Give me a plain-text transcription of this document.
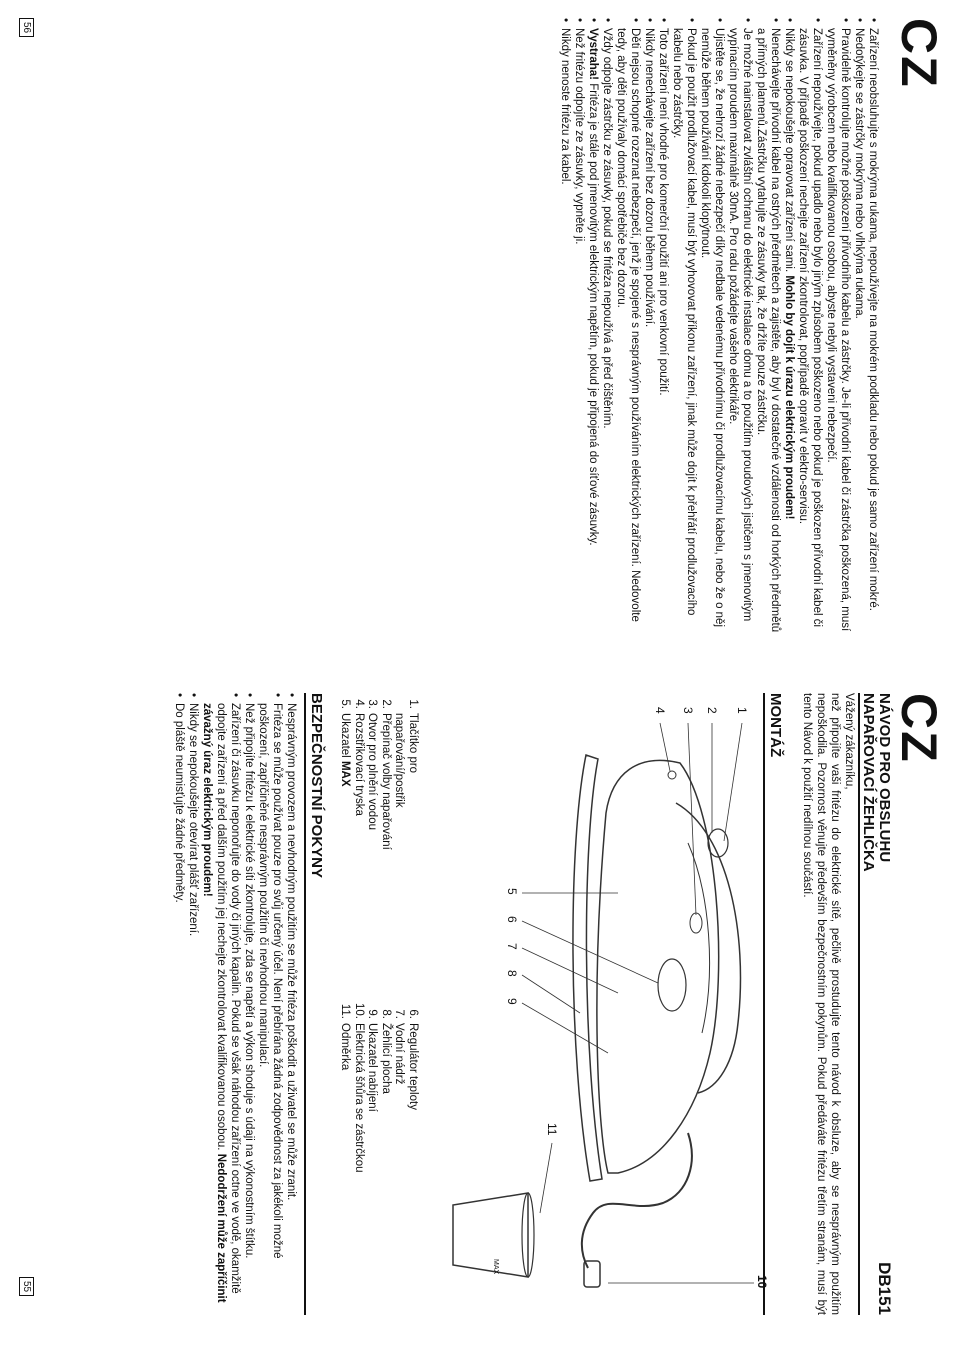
CZ
• Zařízení neobsluhujte s mokrýma rukama, nepoužívejte na mokrém podkladu nebo pokud je samo zařízení mokré.
• Nedotýkejte se zástrčky mokrýma nebo vlhkýma rukama.
• Pravidelně kontrolujte možné poškození přívodního kabelu a zástrčky. Je-li přívodní kabel či zástrčka poškozená, musí vyměněny výrobcem nebo kvalifikovanou osobou, abyste nebyli vystaveni nebezpečí.
• Zařízení nepoužívejte, pokud upadlo nebo bylo jiným způsobem poškozeno nebo pokud je poškozen přívodní kabel či zásuvka. V případě poškození nechejte zařízení zkontrolovat, popřípadě opravit v elektro-servisu.
• Nikdy se nepokoušejte opravovat zařízení sami. Mohlo by dojít k úrazu elektrickým proudem!
• Nenechávejte přívodní kabel na ostrých předmětech a zajistěte, aby byl v dostatečné vzdálenosti od horkých předmětů a přímých plamenů.Zástrčku vytahujte ze zásuvky tak, že držíte pouze zástrčku.
• Je možné nainstalovat zvláštní ochranu do elektrické instalace domu a to použitím proudových jističem s jmenovitým vypínacím proudem maximálně 30mA. Pro radu požádejte vašeho elektrikáře.
• Ujistěte se, že nehrozí žádné nebezpečí díky nedbale vedenému přívodnímu či prodlužovacímu kabelu, nebo že o něj nemůže během používání kdokoli klopýtnout.
• Pokud je použit prodlužovací kabel, musí být vyhovovat příkonu zařízení, jinak může dojít k přehřátí prodlužovacího kabelu nebo zástrčky.
• Toto zařízení není vhodné pro komerční použití ani pro venkovní použití.
• Nikdy nenechávejte zařízení bez dozoru během používání.
• Děti nejsou schopné rozeznat nebezpečí, jenž je spojené s nesprávným používáním elektrických zařízení. Nedovolte tedy, aby děti používaly domácí spotřebiče bez dozoru.
• Vždy odpojte zástrčku ze zásuvky, pokud se fritéza nepoužívá a před čištěním.
• Vystraha! Fritéza je stále pod jmenovitým elektrickým napětím, pokud je připojená do síťové zásuvky.
• Než fritézu odpojíte ze zásuvky, vypněte ji.
• Nikdy nenoste fritézu za kabel.
56
CZ
NÁVOD PRO OBSLUHU
NAPAŘOVACÍ ŽEHLIČKA
DB151
Vážený zákazníku,
než připojíte vaši fritézu do elektrické sítě, pečlivě prostudujte tento návod k obsluze, aby se nesprávným použitím nepoškodila. Pozornost věnujte především bezpečnostním pokynům. Pokud předáváte fritézu třetím stranám, musí být tento Návod k použití nedílnou součástí.
MONTÁŽ
MAX
1
2
3
4
5
6
7
8
9
10
11
1.
Tlačítko pro
napařování/postřik
2.
Přepínač volby napařování
3.
Otvor pro plnění vodou
4.
Rozstřikovací tryska
5.
Ukazatel
MAX
6.
Regulátor teploty
7.
Vodní nádrž
8.
Žehlicí plocha
9.
Ukazatel nabíjení
10.
Elektrická šňůra se zástrčkou
11.
Odměrka
BEZPEČNOSTNÍ POKYNY
• Nesprávným provozem a nevhodným použitím se může fritéza poškodit a uživatel se může zranit.
• Fritéza se může používat pouze pro svůj určený účel. Není přebírána žádná zodpovědnost za jakékoli možné poškození, zapříčiněné nesprávným použitím či nevhodnou manipulací.
• Než připojíte fritézu k elektrické síti zkontrolujte, zda se napětí a výkon shoduje s údaji na výkonostním štítku.
• Zařízení či zásuvku neponořujte do vody či jiných kapalin. Pokud se však náhodou zařízení octne ve vodě, okamžitě odpojte zařízení a před dalším použitím jej nechejte zkontrolovat kvalifikovanou osobou. Nedodržení může zapříčinit závažný úraz elektrickým proudem!
• Nikdy se nepokoušejte otevírat plášť zařízení.
• Do pláště neumisťujte žádné předměty.
55
